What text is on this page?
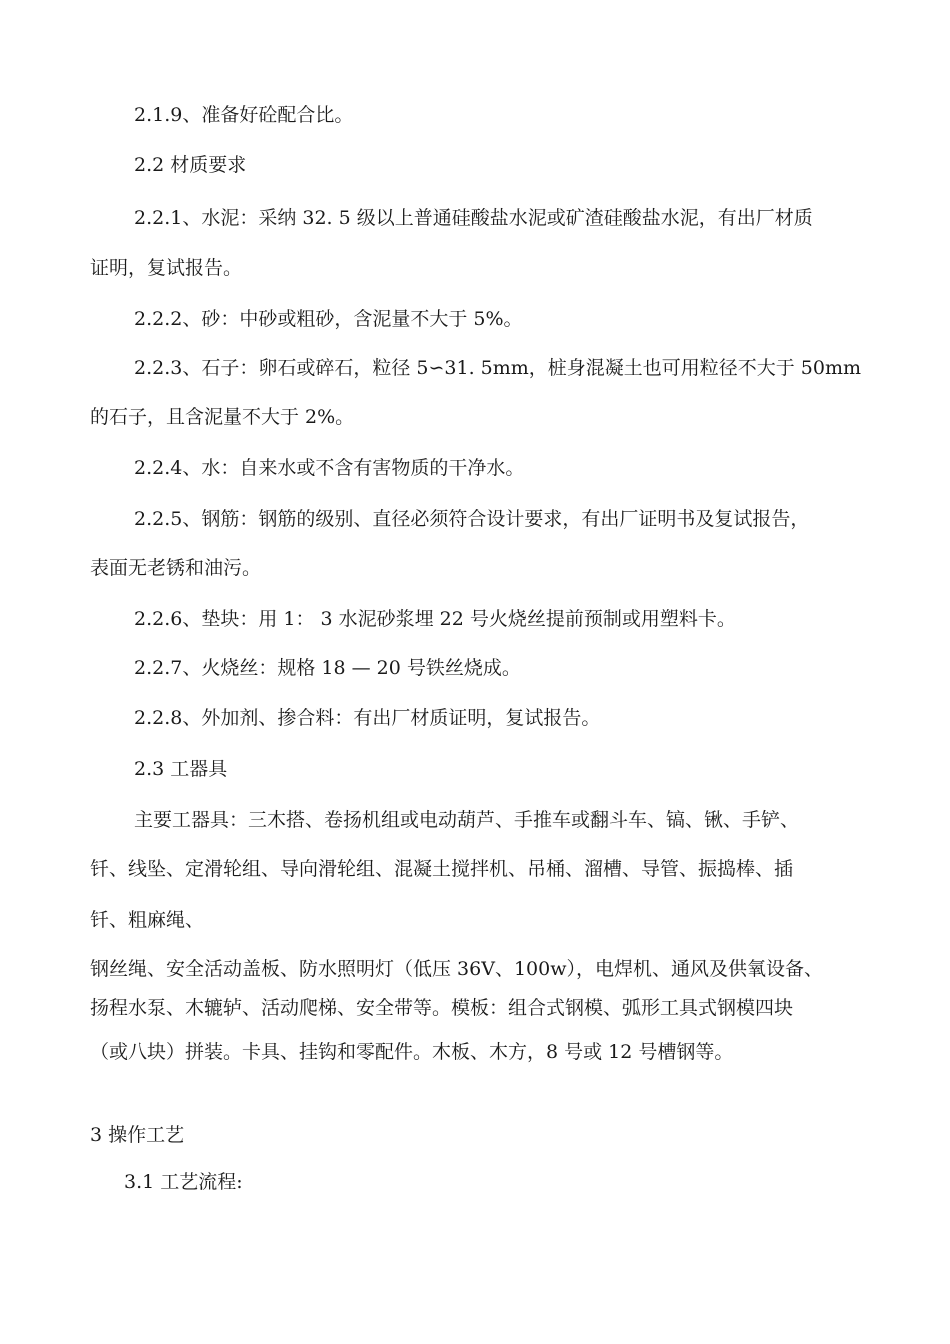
2.1.9、准备好砼配合比。
2.2 材质要求
2.2.1、水泥：采纳 32. 5 级以上普通硅酸盐水泥或矿渣硅酸盐水泥，有出厂材质
证明，复试报告。
2.2.2、砂：中砂或粗砂，含泥量不大于 5%。
2.2.3、石子：卵石或碎石，粒径 5∽31. 5mm，桩身混凝土也可用粒径不大于 50mm
的石子，且含泥量不大于 2%。
2.2.4、水：自来水或不含有害物质的干净水。
2.2.5、钢筋：钢筋的级别、直径必须符合设计要求，有出厂证明书及复试报告，
表面无老锈和油污。
2.2.6、垫块：用 1： 3 水泥砂浆埋 22 号火烧丝提前预制或用塑料卡。
2.2.7、火烧丝：规格 18 — 20 号铁丝烧成。
2.2.8、外加剂、掺合料：有出厂材质证明，复试报告。
2.3 工器具
主要工器具：三木搭、卷扬机组或电动葫芦、手推车或翻斗车、镐、锹、手铲、
钎、线坠、定滑轮组、导向滑轮组、混凝土搅拌机、吊桶、溜槽、导管、振捣棒、插
钎、粗麻绳、
钢丝绳、安全活动盖板、防水照明灯（低压 36V、100w），电焊机、通风及供氧设备、
扬程水泵、木辘轳、活动爬梯、安全带等。模板：组合式钢模、弧形工具式钢模四块
（或八块）拼装。卡具、挂钩和零配件。木板、木方，8 号或 12 号槽钢等。
3 操作工艺
3.1 工艺流程:
